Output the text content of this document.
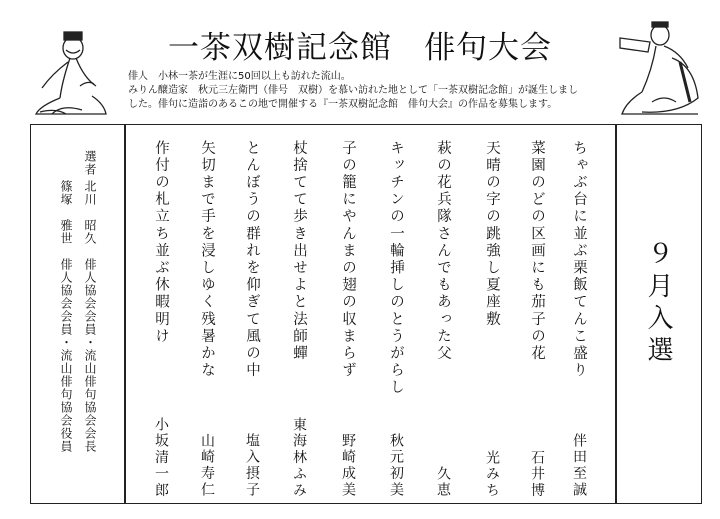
一茶双樹記念館　俳句大会
俳人　小林一茶が生涯に50回以上も訪れた流山。
みりん醸造家　秋元三左衛門（俳号　双樹）を慕い訪れた地として「一茶双樹記念館」が誕生しまし
した。俳句に造詣のあるこの地で開催する『一茶双樹記念館　俳句大会』の作品を募集します。
９月入選
ちゃぶ台に並ぶ栗飯てんこ盛り
伴田至誠
菜園のどの区画にも茄子の花
石井博
天晴の字の跳強し夏座敷
光みち
萩の花兵隊さんでもあった父
久恵
キッチンの一輪挿しのとうがらし
秋元初美
子の籠にやんまの翅の収まらず
野崎成美
杖捨てて歩き出せよと法師蟬
東海林ふみ
とんぼうの群れを仰ぎて風の中
塩入摂子
矢切まで手を浸しゆく残暑かな
山崎寿仁
作付の札立ち並ぶ休暇明け
小坂清一郎
選者
北川　昭久　俳人協会会員・流山俳句協会会長
篠塚　雅世　俳人協会会員・流山俳句協会役員
